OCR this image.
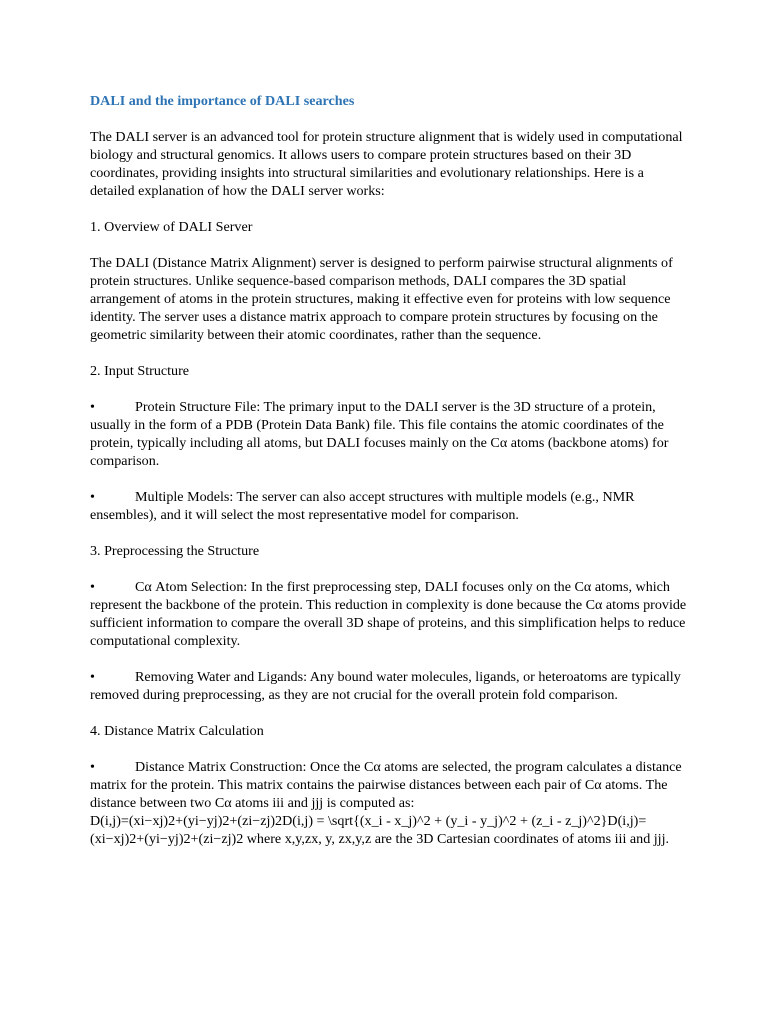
DALI and the importance of DALI searches

The DALI server is an advanced tool for protein structure alignment that is widely used in computational biology and structural genomics. It allows users to compare protein structures based on their 3D coordinates, providing insights into structural similarities and evolutionary relationships. Here is a detailed explanation of how the DALI server works:

1. Overview of DALI Server

The DALI (Distance Matrix Alignment) server is designed to perform pairwise structural alignments of protein structures. Unlike sequence-based comparison methods, DALI compares the 3D spatial arrangement of atoms in the protein structures, making it effective even for proteins with low sequence identity. The server uses a distance matrix approach to compare protein structures by focusing on the geometric similarity between their atomic coordinates, rather than the sequence.

2. Input Structure

•	Protein Structure File: The primary input to the DALI server is the 3D structure of a protein, usually in the form of a PDB (Protein Data Bank) file. This file contains the atomic coordinates of the protein, typically including all atoms, but DALI focuses mainly on the Cα atoms (backbone atoms) for comparison.
•	Multiple Models: The server can also accept structures with multiple models (e.g., NMR ensembles), and it will select the most representative model for comparison.

3. Preprocessing the Structure

•	Cα Atom Selection: In the first preprocessing step, DALI focuses only on the Cα atoms, which represent the backbone of the protein. This reduction in complexity is done because the Cα atoms provide sufficient information to compare the overall 3D shape of proteins, and this simplification helps to reduce computational complexity.
•	Removing Water and Ligands: Any bound water molecules, ligands, or heteroatoms are typically removed during preprocessing, as they are not crucial for the overall protein fold comparison.

4. Distance Matrix Calculation

•	Distance Matrix Construction: Once the Cα atoms are selected, the program calculates a distance matrix for the protein. This matrix contains the pairwise distances between each pair of Cα atoms. The distance between two Cα atoms iii and jjj is computed as:
D(i,j)=(xi−xj)2+(yi−yj)2+(zi−zj)2D(i,j) = \sqrt{(x_i - x_j)^2 + (y_i - y_j)^2 + (z_i - z_j)^2}D(i,j)=(xi−xj)2+(yi−yj)2+(zi−zj)2 where x,y,zx, y, zx,y,z are the 3D Cartesian coordinates of atoms iii and jjj.
